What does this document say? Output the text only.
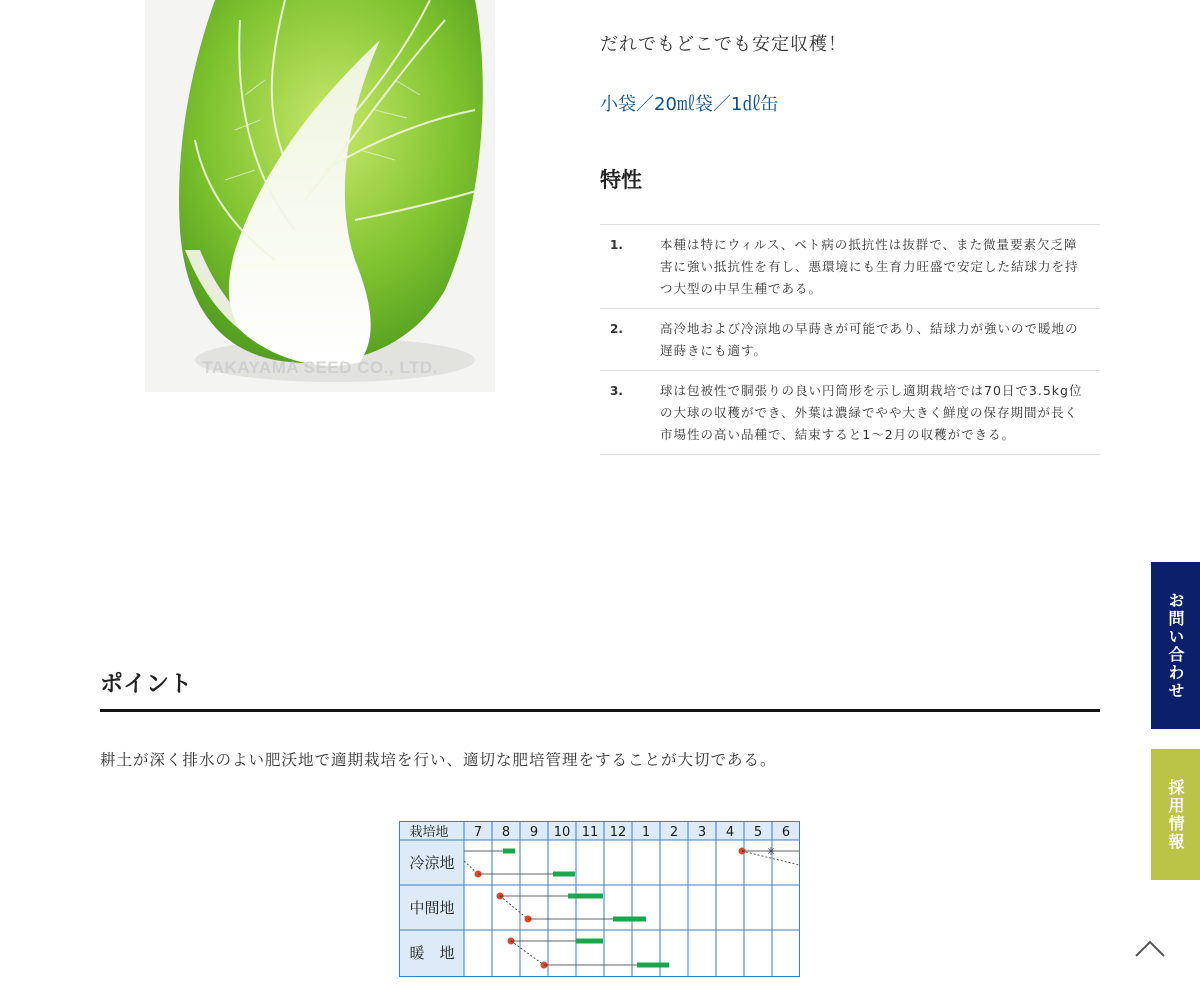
TAKAYAMA SEED CO., LTD.
だれでもどこでも安定収穫！
小袋／20㎖袋／1㎗缶
特性
1.	本種は特にウィルス、ベト病の抵抗性は抜群で、また微量要素欠乏障害に強い抵抗性を有し、悪環境にも生育力旺盛で安定した結球力を持つ大型の中早生種である。
2.	高冷地および冷涼地の早蒔きが可能であり、結球力が強いので暖地の遅蒔きにも適す。
3.	球は包被性で胴張りの良い円筒形を示し適期栽培では70日で3.5kg位の大球の収穫ができ、外葉は濃緑でやや大きく鮮度の保存期間が長く市場性の高い品種で、結束すると1〜2月の収穫ができる。
ポイント
耕土が深く排水のよい肥沃地で適期栽培を行い、適切な肥培管理をすることが大切である。
栽培地 7 8 9 10 11 12 1 2 3 4 5 6
冷涼地
中間地
暖　地
✳
お問い合わせ
採用情報
